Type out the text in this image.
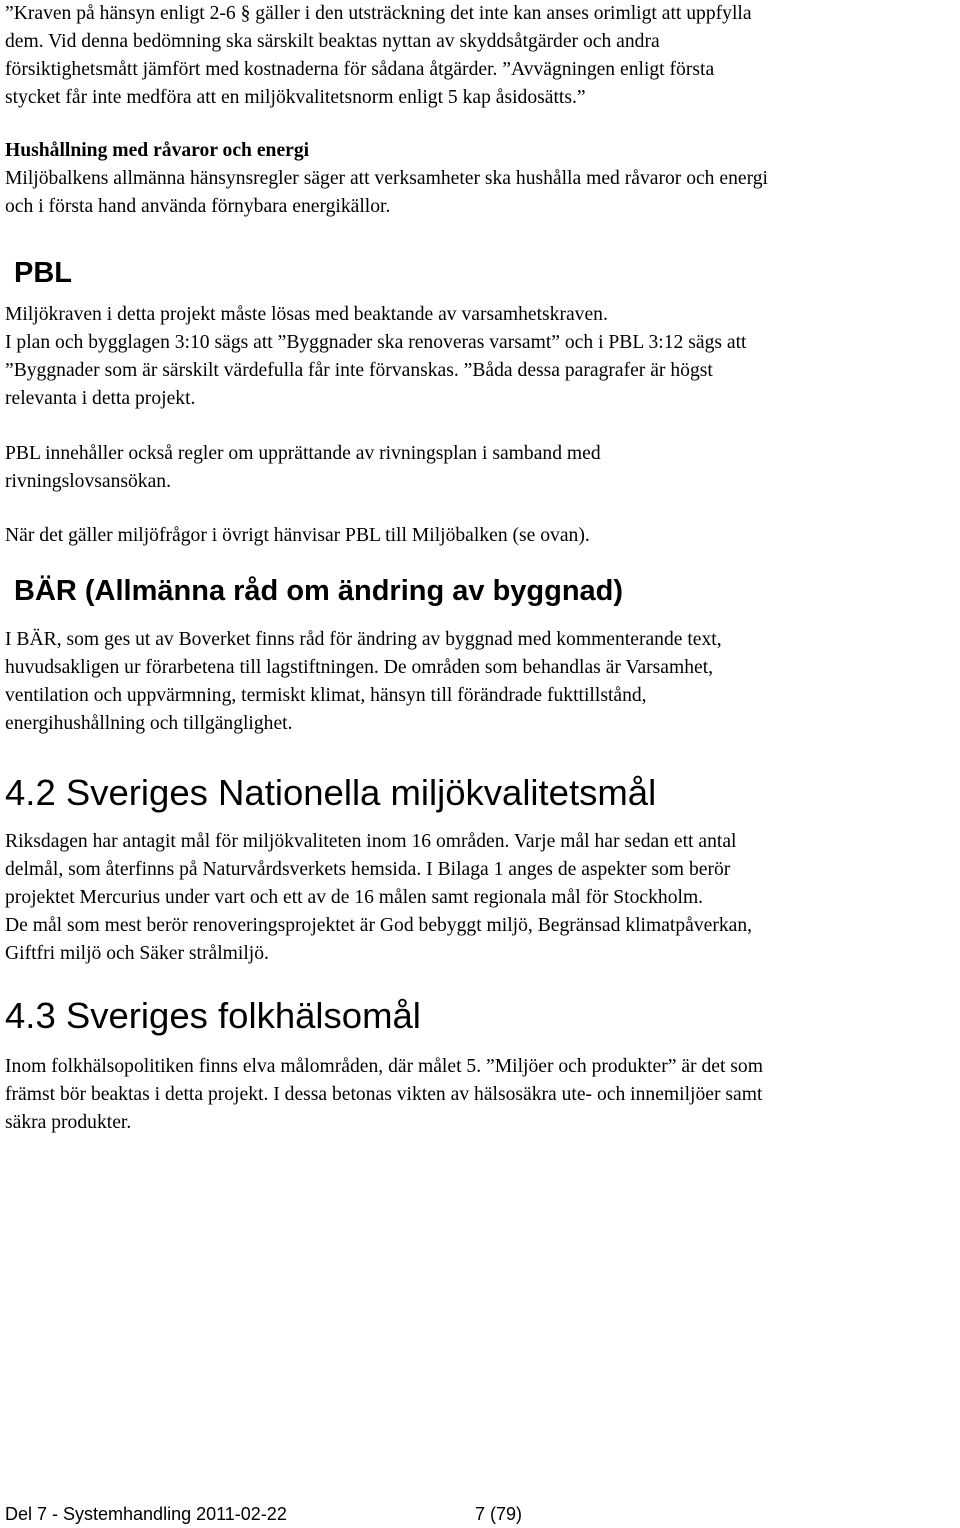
”Kraven på hänsyn enligt 2-6 § gäller i den utsträckning det inte kan anses orimligt att uppfylla
dem. Vid denna bedömning ska särskilt beaktas nyttan av skyddsåtgärder och andra
försiktighetsmått jämfört med kostnaderna för sådana åtgärder. ”Avvägningen enligt första
stycket får inte medföra att en miljökvalitetsnorm enligt 5 kap åsidosätts.”

Hushållning med råvaror och energi

Miljöbalkens allmänna hänsynsregler säger att verksamheter ska hushålla med råvaror och energi
och i första hand använda förnybara energikällor.

PBL

Miljökraven i detta projekt måste lösas med beaktande av varsamhetskraven.
I plan och bygglagen 3:10 sägs att ”Byggnader ska renoveras varsamt” och i PBL 3:12 sägs att
”Byggnader som är särskilt värdefulla får inte förvanskas. ”Båda dessa paragrafer är högst
relevanta i detta projekt.

PBL innehåller också regler om upprättande av rivningsplan i samband med
rivningslovsansökan.

När det gäller miljöfrågor i övrigt hänvisar PBL till Miljöbalken (se ovan).

BÄR (Allmänna råd om ändring av byggnad)

I BÄR, som ges ut av Boverket finns råd för ändring av byggnad med kommenterande text,
huvudsakligen ur förarbetena till lagstiftningen. De områden som behandlas är Varsamhet,
ventilation och uppvärmning, termiskt klimat, hänsyn till förändrade fukttillstånd,
energihushållning och tillgänglighet.

4.2 Sveriges Nationella miljökvalitetsmål

Riksdagen har antagit mål för miljökvaliteten inom 16 områden. Varje mål har sedan ett antal
delmål, som återfinns på Naturvårdsverkets hemsida. I Bilaga 1 anges de aspekter som berör
projektet Mercurius under vart och ett av de 16 målen samt regionala mål för Stockholm.
De mål som mest berör renoveringsprojektet är God bebyggt miljö, Begränsad klimatpåverkan,
Giftfri miljö och Säker strålmiljö.

4.3 Sveriges folkhälsomål

Inom folkhälsopolitiken finns elva målområden, där målet 5. ”Miljöer och produkter” är det som
främst bör beaktas i detta projekt. I dessa betonas vikten av hälsosäkra ute- och innemiljöer samt
säkra produkter.

Del 7 - Systemhandling 2011-02-22	7 (79)
